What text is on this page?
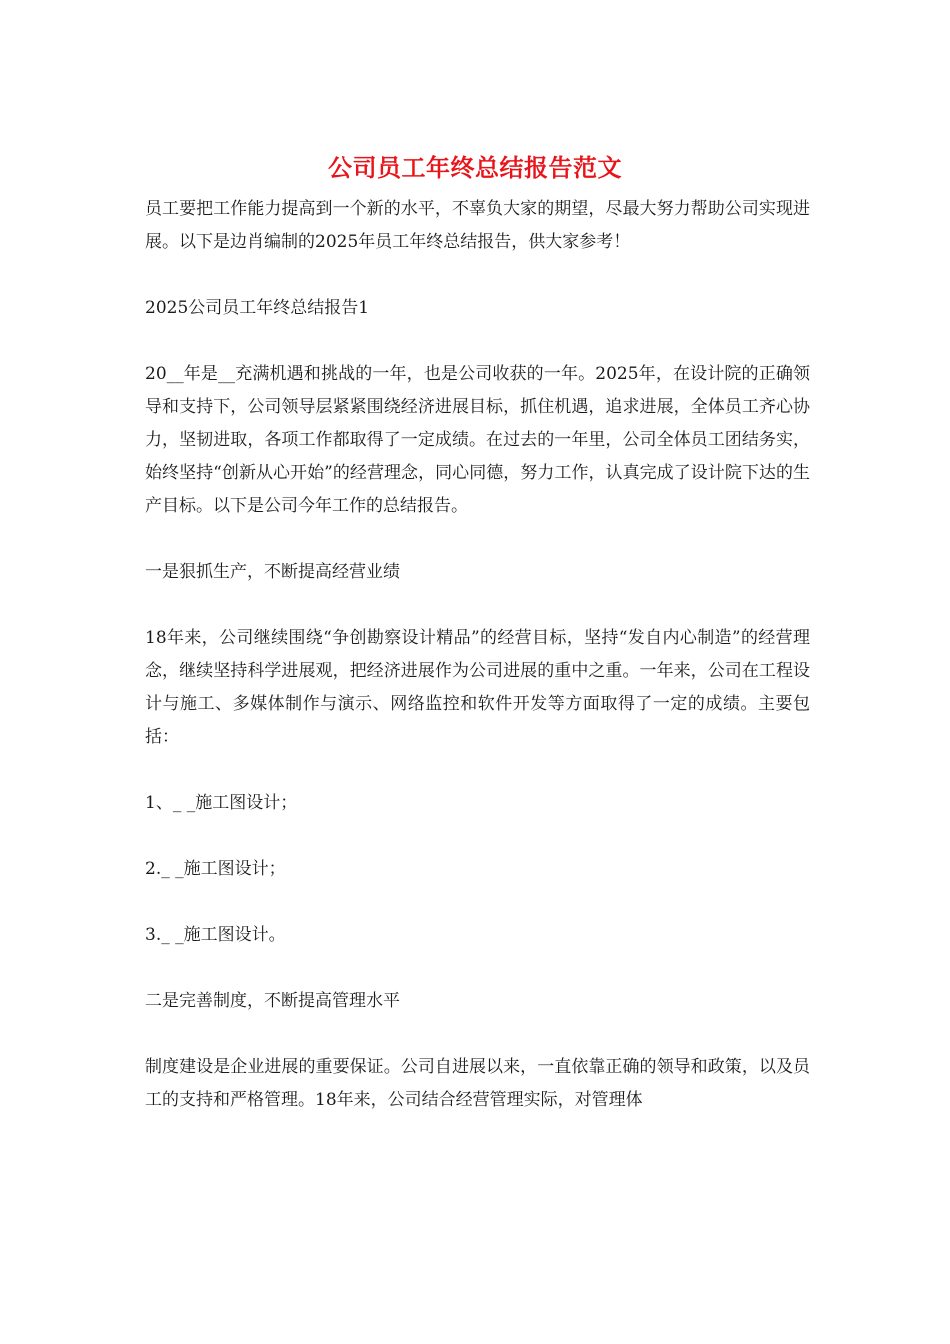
公司员工年终总结报告范文

员工要把工作能力提高到一个新的水平，不辜负大家的期望，尽最大努力帮助公司实现进展。以下是边肖编制的2025年员工年终总结报告，供大家参考！

2025公司员工年终总结报告1

20__年是__充满机遇和挑战的一年，也是公司收获的一年。2025年，在设计院的正确领导和支持下，公司领导层紧紧围绕经济进展目标，抓住机遇，追求进展，全体员工齐心协力，坚韧进取，各项工作都取得了一定成绩。在过去的一年里，公司全体员工团结务实，始终坚持“创新从心开始”的经营理念，同心同德，努力工作，认真完成了设计院下达的生产目标。以下是公司今年工作的总结报告。

一是狠抓生产，不断提高经营业绩

18年来，公司继续围绕“争创勘察设计精品”的经营目标，坚持“发自内心制造”的经营理念，继续坚持科学进展观，把经济进展作为公司进展的重中之重。一年来，公司在工程设计与施工、多媒体制作与演示、网络监控和软件开发等方面取得了一定的成绩。主要包括：

1、_ _施工图设计；

2._ _施工图设计；

3._ _施工图设计。

二是完善制度，不断提高管理水平

制度建设是企业进展的重要保证。公司自进展以来，一直依靠正确的领导和政策，以及员工的支持和严格管理。18年来，公司结合经营管理实际，对管理体
